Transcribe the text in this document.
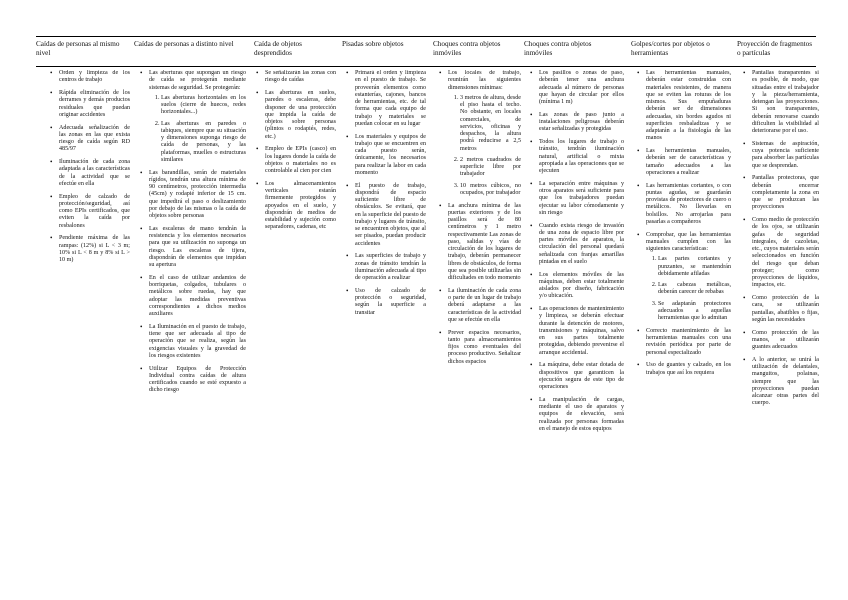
Caídas de personas al mismo nivel
Caídas de personas a distinto nivel	Caída de objetos desprendidos
Pisadas sobre objetos	Choques contra objetos inmóviles
Choques contra objetos inmóviles
Golpes/cortes por objetos o herramientas
Proyección de fragmentos o partículas
• Orden y limpieza de los centros de trabajo
• Rápida eliminación de los derrames y demás productos residuales que puedan originar accidentes
• Adecuada señalización de las zonas en las que exista riesgo de caída según RD 485/97
• Iluminación de cada zona adaptada a las características de la actividad que se efectúe en ella
• Empleo de calzado de protección/seguridad, así como EPIs certificados, que eviten la caída por resbalones
• Pendiente máxima de las rampas: (12%) si L < 3 m; 10% si L < 8 m y 8% si L > 10 m)
• Las aberturas que supongan un riesgo de caída se protegerán mediante sistemas de seguridad. Se protegerán:
1. Las aberturas horizontales en los suelos (cierre de huecos, redes horizontales...)
2. Las aberturas en paredes o tabiques, siempre que su situación y dimensiones suponga riesgo de caída de personas, y las plataformas, muelles o estructuras similares
• Las barandillas, serán de materiales rígidos, tendrán una altura mínima de 90 centímetros, protección intermedia (45cm) y rodapié inferior de 15 cm. que impedirá el paso o deslizamiento por debajo de las mismas o la caída de objetos sobre personas
• Las escaleras de mano tendrán la resistencia y los elementos necesarios para que su utilización no suponga un riesgo. Las escaleras de tijera, dispondrán de elementos que impidan su apertura
• En el caso de utilizar andamios de borriquetas, colgados, tubulares o metálicos sobre ruedas, hay que adoptar las medidas preventivas correspondientes a dichos medios auxiliares
• La Iluminación en el puesto de trabajo, tiene que ser adecuada al tipo de operación que se realiza, según las exigencias visuales y la gravedad de los riesgos existentes
• Utilizar Equipos de Protección Individual contra caídas de altura certificados cuando se esté expuesto a dicho riesgo
• Se señalizarán las zonas con riesgo de caídas
• Las aberturas en suelos, paredes o escaleras, debe disponer de una protección que impida la caída de objetos sobre personas (plintos o rodapiés, redes, etc.)
• Empleo de EPIs (casco) en los lugares donde la caída de objetos o materiales no es controlable al cien por cien
• Los almacenamientos verticales estarán firmemente protegidos y apoyados en el suelo, y dispondrán de medios de estabilidad y sujeción como separadores, cadenas, etc
• Primará el orden y limpieza en el puesto de trabajo. Se proveerán elementos como estanterías, cajones, bancos de herramientas, etc. de tal forma que cada equipo de trabajo y materiales se puedan colocar en su lugar
• Los materiales y equipos de trabajo que se encuentren en cada puesto serán, únicamente, los necesarios para realizar la labor en cada momento
• El puesto de trabajo, dispondrá de espacio suficiente libre de obstáculos. Se evitará, que en la superficie del puesto de trabajo y lugares de tránsito, se encuentren objetos, que al ser pisados, puedan producir accidentes
• Las superficies de trabajo y zonas de tránsito tendrán la iluminación adecuada al tipo de operación a realizar
• Uso de calzado de protección o seguridad, según la superficie a transitar
• Los locales de trabajo, reunirán las siguientes dimensiones mínimas:
1. 3 metros de altura, desde el piso hasta el techo. No obstante, en locales comerciales, de servicios, oficinas y despachos, la altura podrá reducirse a 2,5 metros
2. 2 metros cuadrados de superficie libre por trabajador
3. 10 metros cúbicos, no ocupados, por trabajador
• La anchura mínima de las puertas exteriores y de los pasillos será de 80 centímetros y 1 metro respectivamente Las zonas de paso, salidas y vías de circulación de los lugares de trabajo, deberán permanecer libres de obstáculos, de forma que sea posible utilizarlas sin dificultades en todo momento
• La iluminación de cada zona o parte de un lugar de trabajo deberá adaptarse a las características de la actividad que se efectúe en ella
• Prever espacios necesarios, tanto para almacenamientos fijos como eventuales del proceso productivo. Señalizar dichos espacios
• Los pasillos o zonas de paso, deberán tener una anchura adecuada al número de personas que hayan de circular por ellos (mínima 1 m)
• Las zonas de paso junto a instalaciones peligrosas deberán estar señalizadas y protegidas
• Todos los lugares de trabajo o tránsito, tendrán iluminación natural, artificial o mixta apropiada a las operaciones que se ejecuten
• La separación entre máquinas y otros aparatos será suficiente para que los trabajadores puedan ejecutar su labor cómodamente y sin riesgo
• Cuando exista riesgo de invasión de una zona de espacio libre por partes móviles de aparatos, la circulación del personal quedará señalizada con franjas amarillas pintadas en el suelo
• Los elementos móviles de las máquinas, deben estar totalmente aislados por diseño, fabricación y/o ubicación.
• Las operaciones de mantenimiento y limpieza, se deberán efectuar durante la detención de motores, transmisiones y máquinas, salvo en sus partes totalmente protegidas, debiendo prevenirse el arranque accidental.
• La máquina, debe estar dotada de dispositivos que garanticen la ejecución segura de este tipo de operaciones
• La manipulación de cargas, mediante el uso de aparatos y equipos de elevación, será realizada por personas formadas en el manejo de estos equipos
• Las herramientas manuales, deberán estar construidas con materiales resistentes, de manera que se eviten las roturas de los mismos. Sus empuñaduras deberán ser de dimensiones adecuadas, sin bordes agudos ni superficies resbaladizas y se adaptarán a la fisiología de las manos
• Las herramientas manuales, deberán ser de características y tamaño adecuados a las operaciones a realizar
• Las herramientas cortantes, o con puntas agudas, se guardarán provistas de protectores de cuero o metálicos. No llevarlas en bolsillos. No arrojarlas para pasarlas a compañeros
• Comprobar, que las herramientas manuales cumplen con las siguientes características:
1. Las partes cortantes y punzantes, se mantendrán debidamente afiladas
2. Las cabezas metálicas, deberán carecer de rebabas
3. Se adaptarán protectores adecuados a aquellas herramientas que lo admitan
• Correcto mantenimiento de las herramientas manuales con una revisión periódica por parte de personal especializado
• Uso de guantes y calzado, en los trabajos que así los requiera
• Pantallas transparentes si es posible, de modo, que situadas entre el trabajador y la pieza/herramienta, detengan las proyecciones. Si son transparentes, deberán renovarse cuando dificulten la visibilidad al deteriorarse por el uso.
• Sistemas de aspiración, cuya potencia suficiente para absorber las partículas que se desprendan.
• Pantallas protectoras, que deberán encerrar completamente la zona en que se produzcan las proyecciones
• Como medio de protección de los ojos, se utilizarán gafas de seguridad integrales, de cazoletas, etc., cuyos materiales serán seleccionados en función del riesgo que deban proteger; como proyecciones de líquidos, impactos, etc.
• Como protección de la cara, se utilizarán pantallas, abatibles o fijas, según las necesidades
• Como protección de las manos, se utilizarán guantes adecuados
• A lo anterior, se unirá la utilización de delantales, manguitos, polainas, siempre que las proyecciones puedan alcanzar otras partes del cuerpo.
